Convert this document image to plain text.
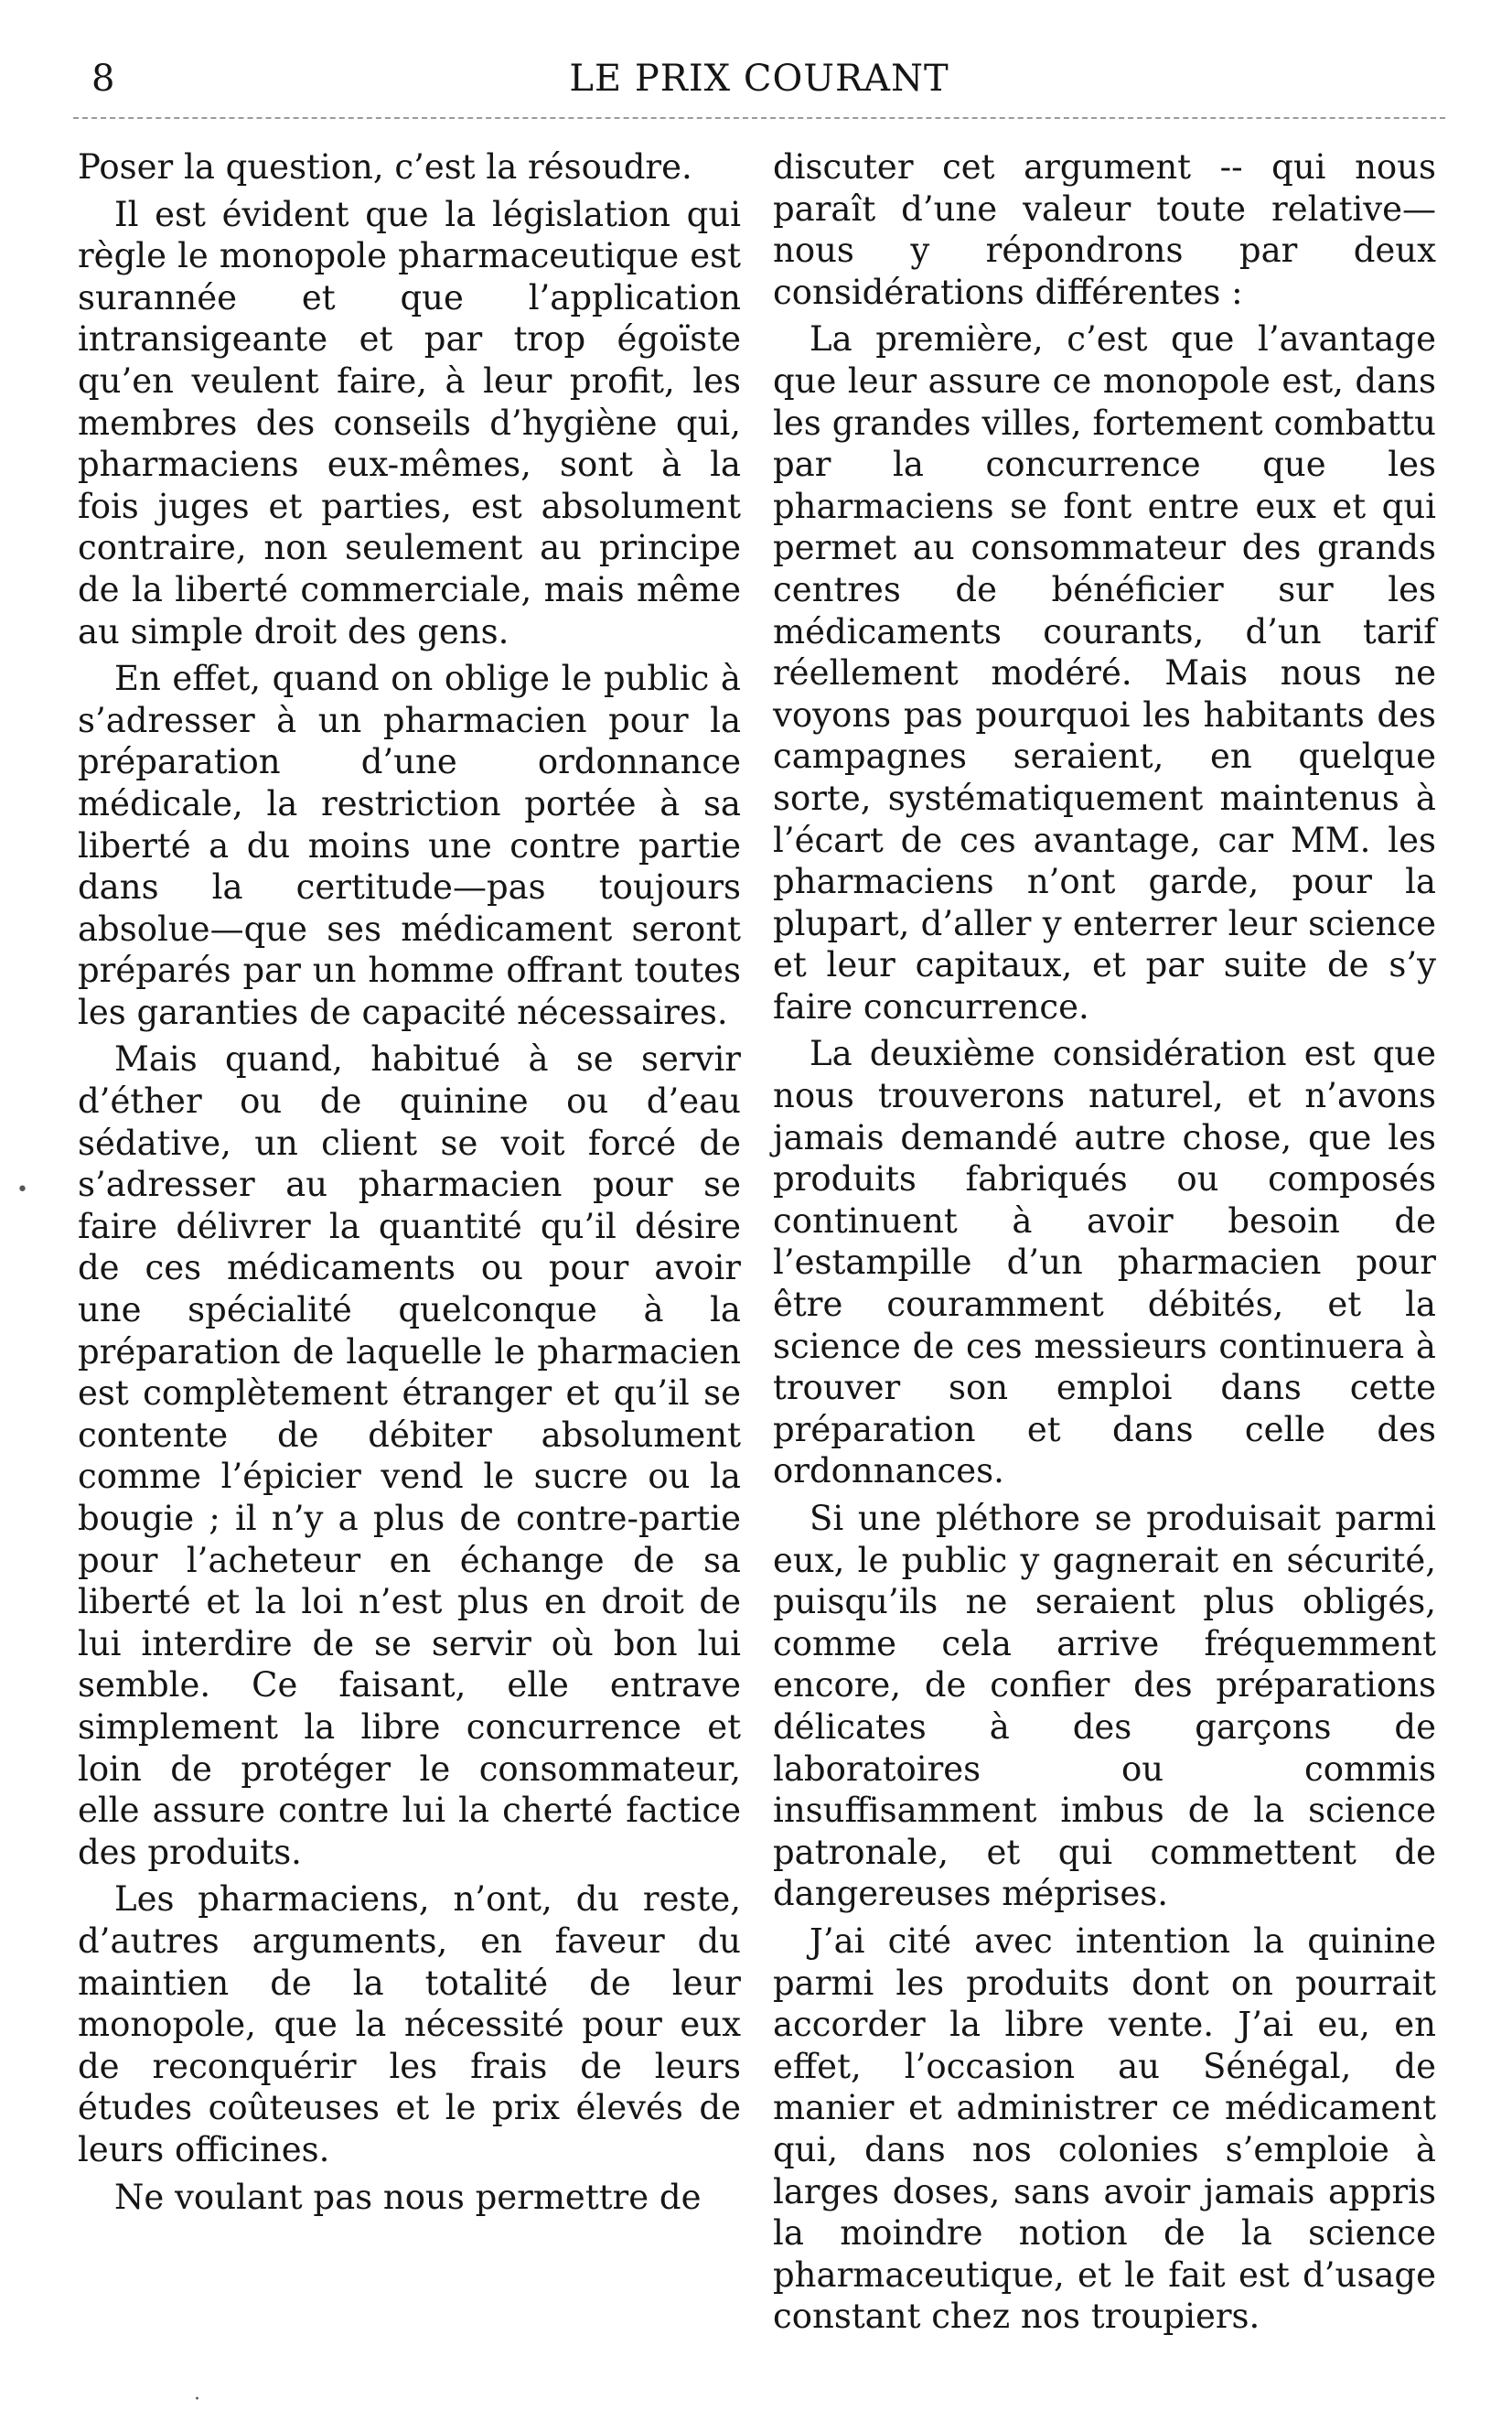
8	LE PRIX COURANT

Poser la question, c’est la résoudre.

Il est évident que la législation qui règle le monopole pharmaceutique est surannée et que l’application intransigeante et par trop égoïste qu’en veulent faire, à leur profit, les membres des conseils d’hygiène qui, pharmaciens eux-mêmes, sont à la fois juges et parties, est absolument contraire, non seulement au principe de la liberté commerciale, mais même au simple droit des gens.

En effet, quand on oblige le public à s’adresser à un pharmacien pour la préparation d’une ordonnance médicale, la restriction portée à sa liberté a du moins une contre partie dans la certitude—pas toujours absolue—que ses médicament seront préparés par un homme offrant toutes les garanties de capacité nécessaires.

Mais quand, habitué à se servir d’éther ou de quinine ou d’eau sédative, un client se voit forcé de s’adresser au pharmacien pour se faire délivrer la quantité qu’il désire de ces médicaments ou pour avoir une spécialité quelconque à la préparation de laquelle le pharmacien est complètement étranger et qu’il se contente de débiter absolument comme l’épicier vend le sucre ou la bougie ; il n’y a plus de contre-partie pour l’acheteur en échange de sa liberté et la loi n’est plus en droit de lui interdire de se servir où bon lui semble. Ce faisant, elle entrave simplement la libre concurrence et loin de protéger le consommateur, elle assure contre lui la cherté factice des produits.

Les pharmaciens, n’ont, du reste, d’autres arguments, en faveur du maintien de la totalité de leur monopole, que la nécessité pour eux de reconquérir les frais de leurs études coûteuses et le prix élevés de leurs officines.

Ne voulant pas nous permettre de

discuter cet argument -- qui nous paraît d’une valeur toute relative—nous y répondrons par deux considérations différentes :

La première, c’est que l’avantage que leur assure ce monopole est, dans les grandes villes, fortement combattu par la concurrence que les pharmaciens se font entre eux et qui permet au consommateur des grands centres de bénéficier sur les médicaments courants, d’un tarif réellement modéré. Mais nous ne voyons pas pourquoi les habitants des campagnes seraient, en quelque sorte, systématiquement maintenus à l’écart de ces avantage, car MM. les pharmaciens n’ont garde, pour la plupart, d’aller y enterrer leur science et leur capitaux, et par suite de s’y faire concurrence.

La deuxième considération est que nous trouverons naturel, et n’avons jamais demandé autre chose, que les produits fabriqués ou composés continuent à avoir besoin de l’estampille d’un pharmacien pour être couramment débités, et la science de ces messieurs continuera à trouver son emploi dans cette préparation et dans celle des ordonnances.

Si une pléthore se produisait parmi eux, le public y gagnerait en sécurité, puisqu’ils ne seraient plus obligés, comme cela arrive fréquemment encore, de confier des préparations délicates à des garçons de laboratoires ou commis insuffisamment imbus de la science patronale, et qui commettent de dangereuses méprises.

J’ai cité avec intention la quinine parmi les produits dont on pourrait accorder la libre vente. J’ai eu, en effet, l’occasion au Sénégal, de manier et administrer ce médicament qui, dans nos colonies s’emploie à larges doses, sans avoir jamais appris la moindre notion de la science pharmaceutique, et le fait est d’usage constant chez nos troupiers.

•
·
